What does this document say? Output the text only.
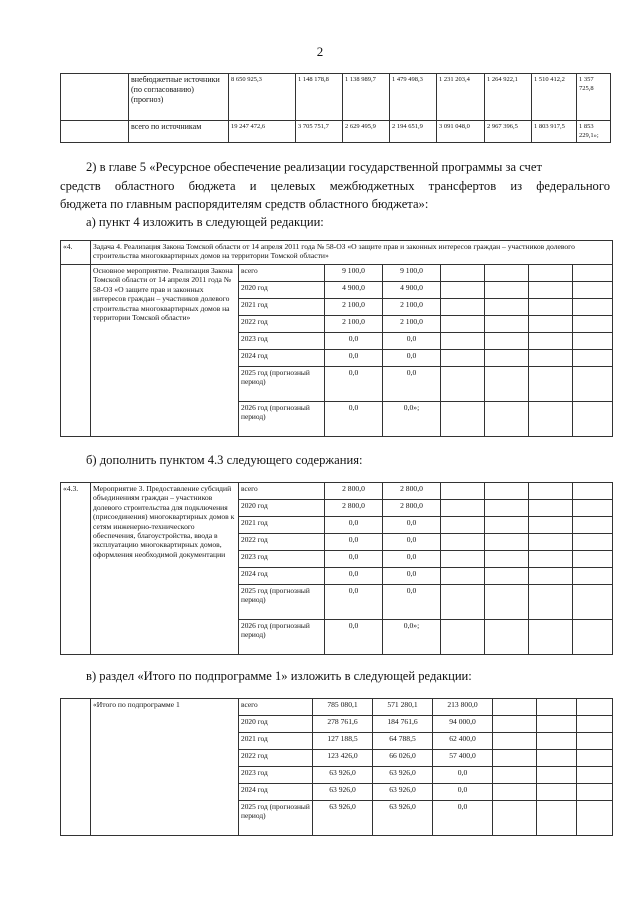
2
	внебюджетные источники (по согласованию) (прогноз)	8 650 925,3	1 148 178,8	1 138 989,7	1 479 498,3	1 231 203,4	1 264 922,1	1 510 412,2	1 357 725,8
	всего по источникам	19 247 472,6	3 705 751,7	2 629 495,9	2 194 651,9	3 091 048,0	2 967 396,5	1 803 917,5	1 853 229,1»;
2) в главе 5 «Ресурсное обеспечение реализации государственной программы за счет
средств областного бюджета и целевых межбюджетных трансфертов из федерального
бюджета по главным распорядителям средств областного бюджета»:
а) пункт 4 изложить в следующей редакции:
«4.	Задача 4. Реализация Закона Томской области от 14 апреля 2011 года № 58-ОЗ «О защите прав и законных интересов граждан – участников долевого строительства многоквартирных домов на территории Томской области»							
	Основное мероприятие. Реализация Закона Томской области от 14 апреля 2011 года № 58-ОЗ «О защите прав и законных интересов граждан – участников долевого строительства многоквартирных домов на территории Томской области»	всего	9 100,0	9 100,0				
		2020 год	4 900,0	4 900,0				
		2021 год	2 100,0	2 100,0				
		2022 год	2 100,0	2 100,0				
		2023 год	0,0	0,0				
		2024 год	0,0	0,0				
		2025 год (прогнозный период)	0,0	0,0				
		2026 год (прогнозный период)	0,0	0,0»;				
б) дополнить пунктом 4.3 следующего содержания:
«4.3.	Мероприятие 3. Предоставление субсидий объединениям граждан – участников долевого строительства для подключения (присоединения) многоквартирных домов к сетям инженерно-технического обеспечения, благоустройства, ввода в эксплуатацию многоквартирных домов, оформления необходимой документации	всего	2 800,0	2 800,0				
		2020 год	2 800,0	2 800,0				
		2021 год	0,0	0,0				
		2022 год	0,0	0,0				
		2023 год	0,0	0,0				
		2024 год	0,0	0,0				
		2025 год (прогнозный период)	0,0	0,0				
		2026 год (прогнозный период)	0,0	0,0»;				
в) раздел «Итого по подпрограмме 1» изложить в следующей редакции:
	«Итого по подпрограмме 1	всего	785 080,1	571 280,1	213 800,0			
		2020 год	278 761,6	184 761,6	94 000,0			
		2021 год	127 188,5	64 788,5	62 400,0			
		2022 год	123 426,0	66 026,0	57 400,0			
		2023 год	63 926,0	63 926,0	0,0			
		2024 год	63 926,0	63 926,0	0,0			
		2025 год (прогнозный период)	63 926,0	63 926,0	0,0			
